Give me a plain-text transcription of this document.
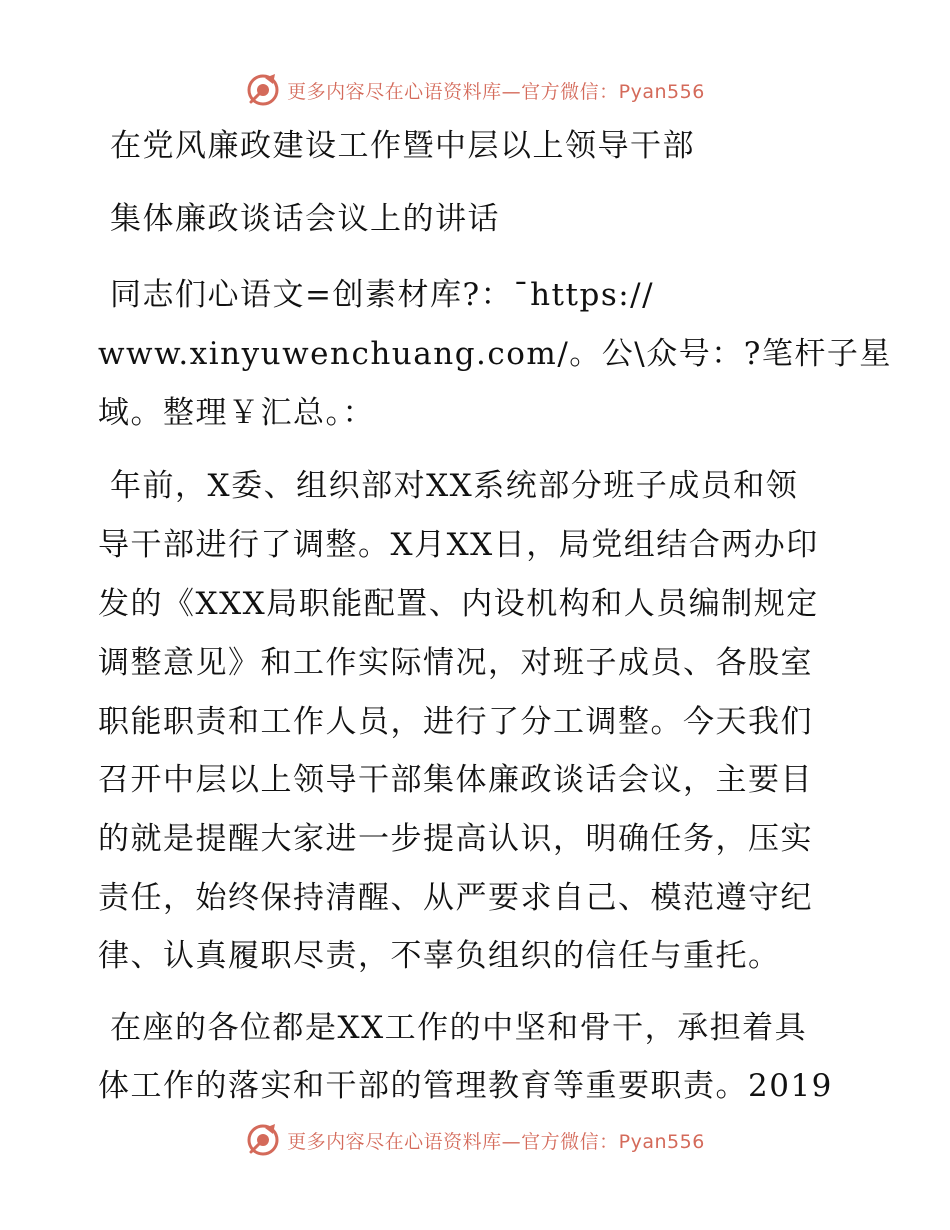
更多内容尽在心语资料库—官方微信：Pyan556
在党风廉政建设工作暨中层以上领导干部
集体廉政谈话会议上的讲话
同志们心语文=创素材库?：¯https://
www.xinyuwenchuang.com/。公\众号：?笔杆子星
域。整理￥汇总。：
年前，X委、组织部对XX系统部分班子成员和领
导干部进行了调整。X月XX日，局党组结合两办印
发的《XXX局职能配置、内设机构和人员编制规定
调整意见》和工作实际情况，对班子成员、各股室
职能职责和工作人员，进行了分工调整。今天我们
召开中层以上领导干部集体廉政谈话会议，主要目
的就是提醒大家进一步提高认识，明确任务，压实
责任，始终保持清醒、从严要求自己、模范遵守纪
律、认真履职尽责，不辜负组织的信任与重托。
在座的各位都是XX工作的中坚和骨干，承担着具
体工作的落实和干部的管理教育等重要职责。2019
更多内容尽在心语资料库—官方微信：Pyan556
